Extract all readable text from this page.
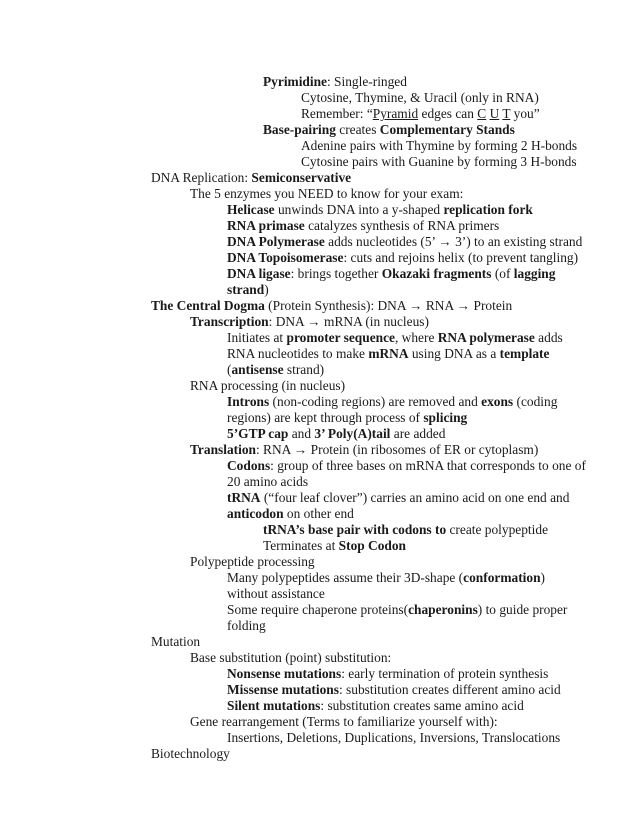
Pyrimidine: Single-ringed
Cytosine, Thymine, & Uracil (only in RNA)
Remember: “Pyramid edges can C U T you”
Base-pairing creates Complementary Stands
Adenine pairs with Thymine by forming 2 H-bonds
Cytosine pairs with Guanine by forming 3 H-bonds
DNA Replication: Semiconservative
The 5 enzymes you NEED to know for your exam:
Helicase unwinds DNA into a y-shaped replication fork
RNA primase catalyzes synthesis of RNA primers
DNA Polymerase adds nucleotides (5’ → 3’) to an existing strand
DNA Topoisomerase: cuts and rejoins helix (to prevent tangling)
DNA ligase: brings together Okazaki fragments (of lagging
strand)
The Central Dogma (Protein Synthesis): DNA → RNA → Protein
Transcription: DNA → mRNA (in nucleus)
Initiates at promoter sequence, where RNA polymerase adds
RNA nucleotides to make mRNA using DNA as a template
(antisense strand)
RNA processing (in nucleus)
Introns (non-coding regions) are removed and exons (coding
regions) are kept through process of splicing
5’GTP cap and 3’ Poly(A)tail are added
Translation: RNA → Protein (in ribosomes of ER or cytoplasm)
Codons: group of three bases on mRNA that corresponds to one of
20 amino acids
tRNA (“four leaf clover”) carries an amino acid on one end and
anticodon on other end
tRNA’s base pair with codons to create polypeptide
Terminates at Stop Codon
Polypeptide processing
Many polypeptides assume their 3D-shape (conformation)
without assistance
Some require chaperone proteins(chaperonins) to guide proper
folding
Mutation
Base substitution (point) substitution:
Nonsense mutations: early termination of protein synthesis
Missense mutations: substitution creates different amino acid
Silent mutations: substitution creates same amino acid
Gene rearrangement (Terms to familiarize yourself with):
Insertions, Deletions, Duplications, Inversions, Translocations
Biotechnology
